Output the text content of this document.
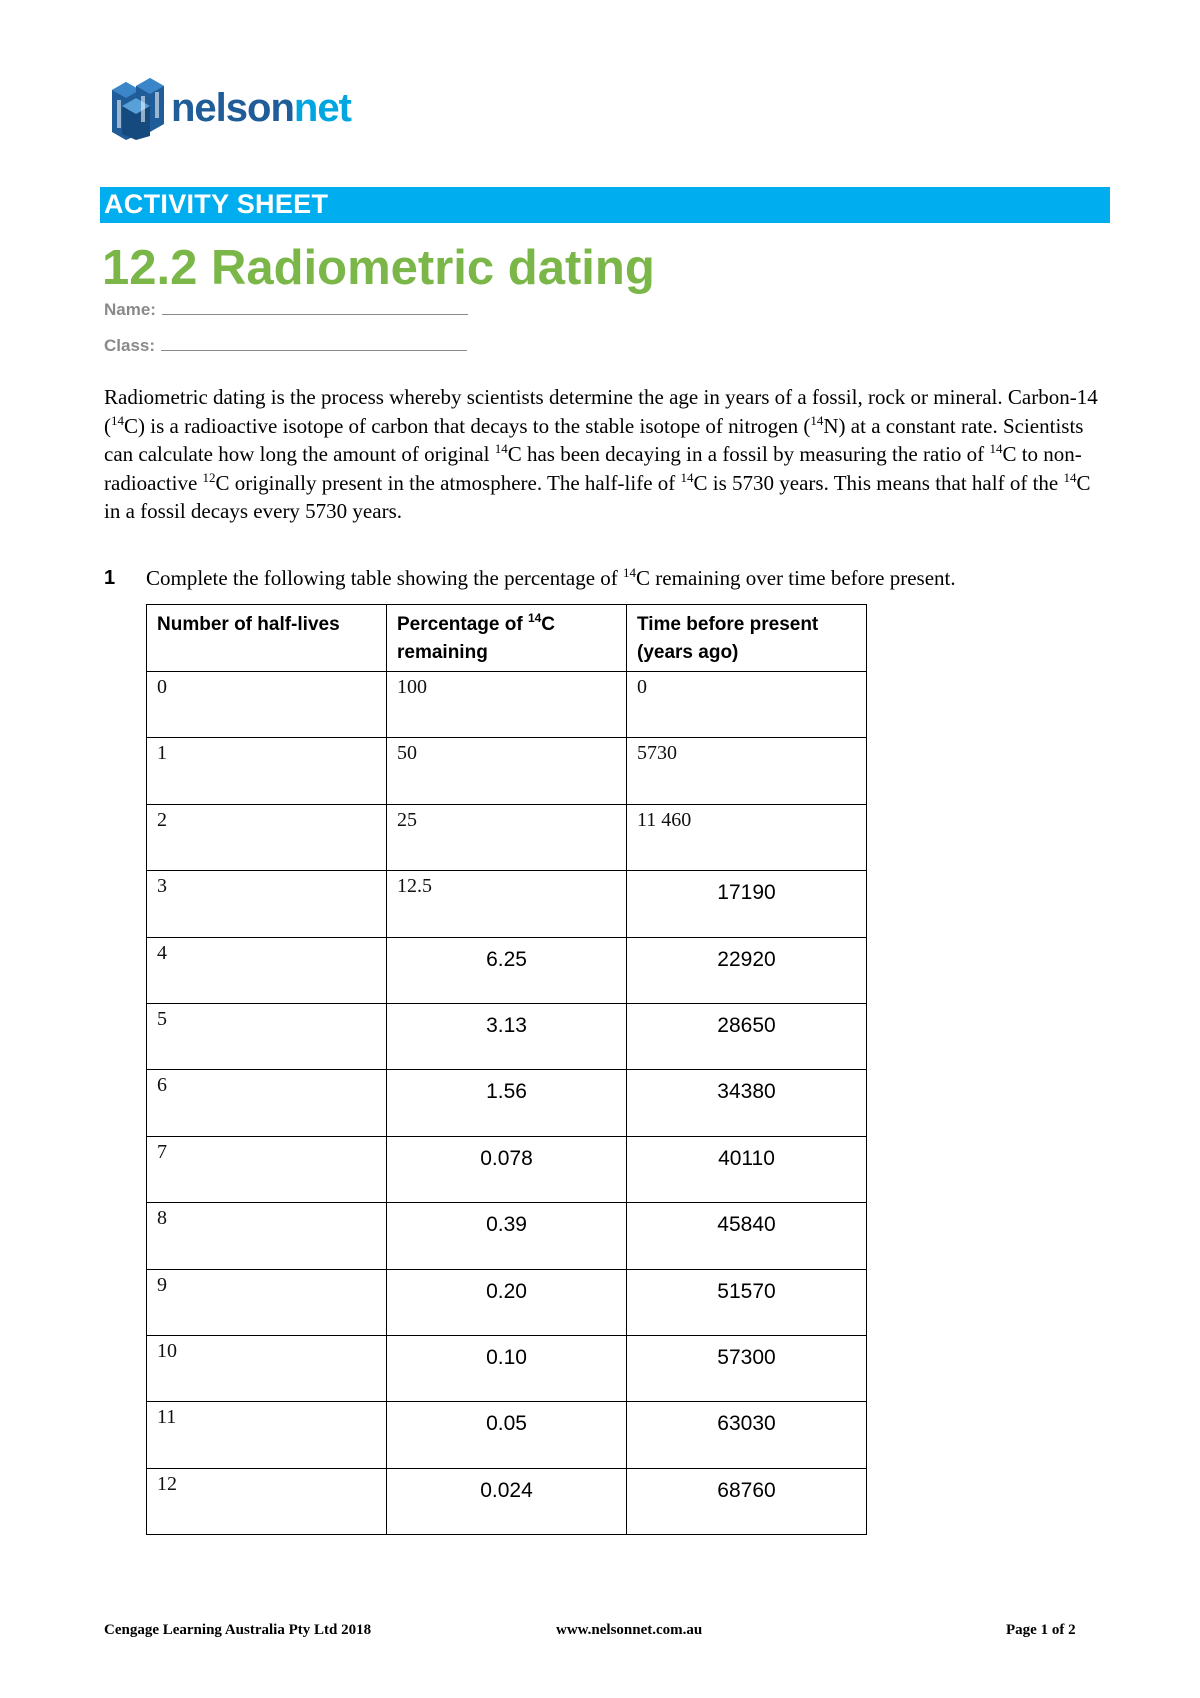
nelsonnet
ACTIVITY SHEET
12.2 Radiometric dating
Name:
Class:

Radiometric dating is the process whereby scientists determine the age in years of a fossil, rock or mineral. Carbon-14 ($^{14}$C) is a radioactive isotope of carbon that decays to the stable isotope of nitrogen ($^{14}$N) at a constant rate. Scientists can calculate how long the amount of original $^{14}$C has been decaying in a fossil by measuring the ratio of $^{14}$C to non-radioactive $^{12}$C originally present in the atmosphere. The half-life of $^{14}$C is 5730 years. This means that half of the $^{14}$C in a fossil decays every 5730 years.

1 Complete the following table showing the percentage of $^{14}$C remaining over time before present.

Number of half-lives	Percentage of $^{14}$C remaining	Time before present (years ago)
0	100	0
1	50	5730
2	25	11 460
3	12.5	17190
4	6.25	22920
5	3.13	28650
6	1.56	34380
7	0.078	40110
8	0.39	45840
9	0.20	51570
10	0.10	57300
11	0.05	63030
12	0.024	68760
Cengage Learning Australia Pty Ltd 2018	www.nelsonnet.com.au	Page 1 of 2
